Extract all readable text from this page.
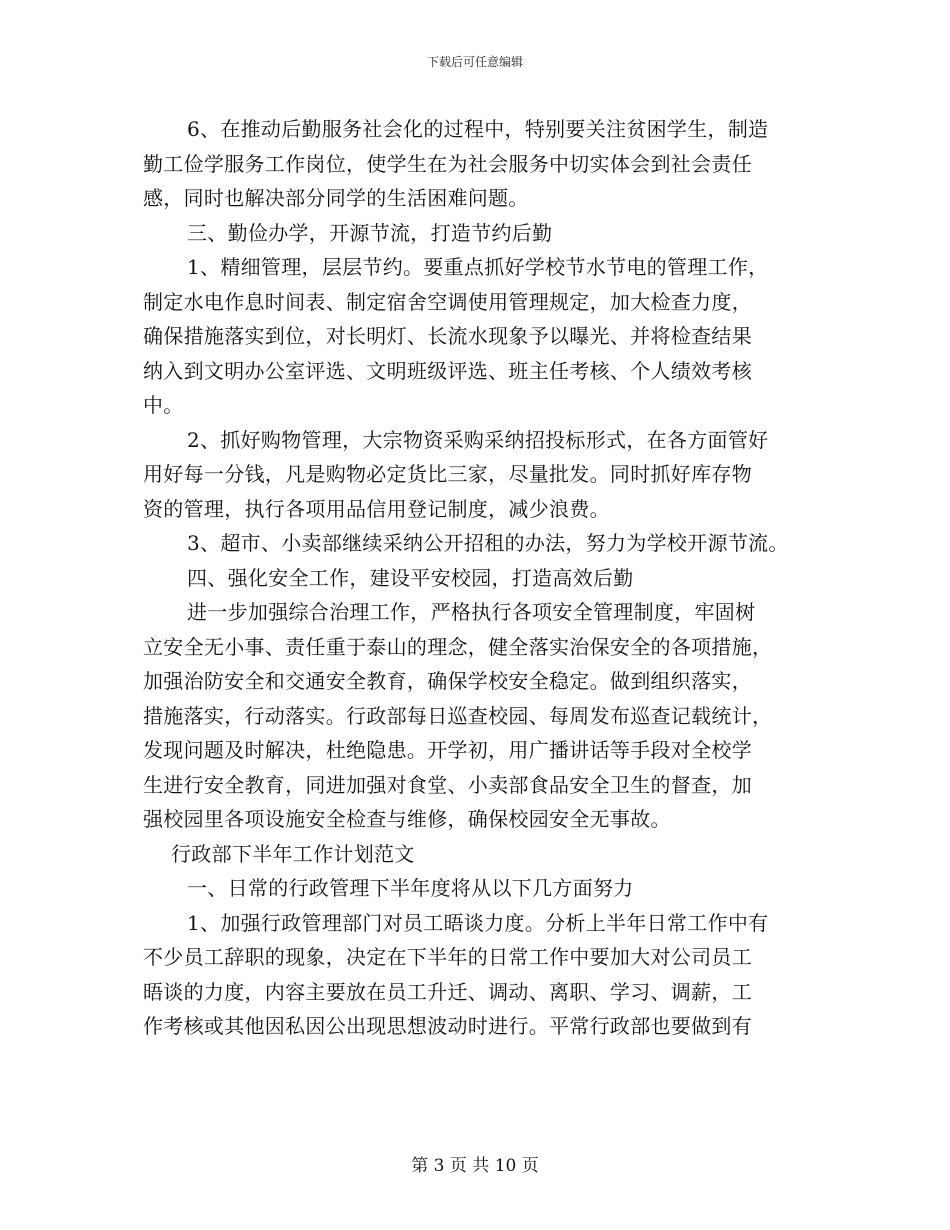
下载后可任意编辑
6、在推动后勤服务社会化的过程中，特别要关注贫困学生，制造
勤工俭学服务工作岗位，使学生在为社会服务中切实体会到社会责任
感，同时也解决部分同学的生活困难问题。
三、勤俭办学，开源节流，打造节约后勤
1、精细管理，层层节约。要重点抓好学校节水节电的管理工作，
制定水电作息时间表、制定宿舍空调使用管理规定，加大检查力度，
确保措施落实到位，对长明灯、长流水现象予以曝光、并将检查结果
纳入到文明办公室评选、文明班级评选、班主任考核、个人绩效考核
中。
2、抓好购物管理，大宗物资采购采纳招投标形式，在各方面管好
用好每一分钱，凡是购物必定货比三家，尽量批发。同时抓好库存物
资的管理，执行各项用品信用登记制度，减少浪费。
3、超市、小卖部继续采纳公开招租的办法，努力为学校开源节流。
四、强化安全工作，建设平安校园，打造高效后勤
进一步加强综合治理工作，严格执行各项安全管理制度，牢固树
立安全无小事、责任重于泰山的理念，健全落实治保安全的各项措施，
加强治防安全和交通安全教育，确保学校安全稳定。做到组织落实，
措施落实，行动落实。行政部每日巡查校园、每周发布巡查记载统计，
发现问题及时解决，杜绝隐患。开学初，用广播讲话等手段对全校学
生进行安全教育，同进加强对食堂、小卖部食品安全卫生的督查，加
强校园里各项设施安全检查与维修，确保校园安全无事故。
行政部下半年工作计划范文
一、日常的行政管理下半年度将从以下几方面努力
1、加强行政管理部门对员工晤谈力度。分析上半年日常工作中有
不少员工辞职的现象，决定在下半年的日常工作中要加大对公司员工
晤谈的力度，内容主要放在员工升迁、调动、离职、学习、调薪，工
作考核或其他因私因公出现思想波动时进行。平常行政部也要做到有
第 3 页 共 10 页
